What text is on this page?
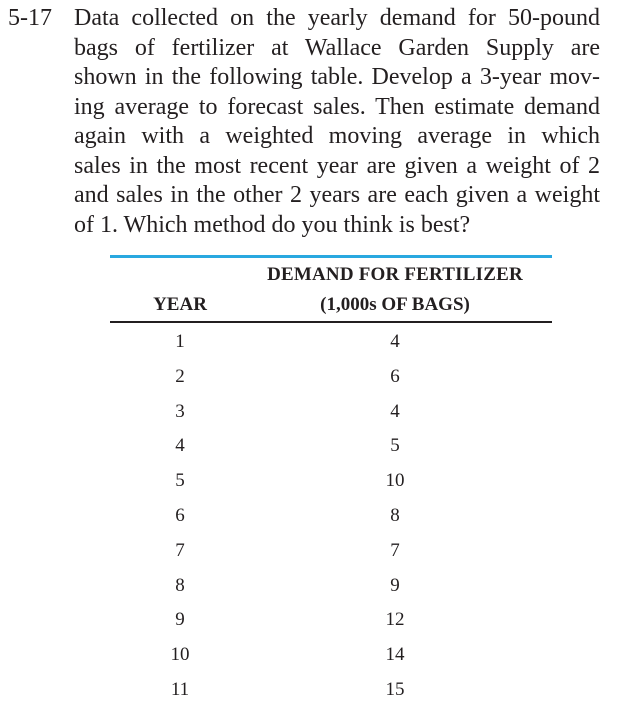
5-17 Data collected on the yearly demand for 50-pound
bags of fertilizer at Wallace Garden Supply are
shown in the following table. Develop a 3-year mov-
ing average to forecast sales. Then estimate demand
again with a weighted moving average in which
sales in the most recent year are given a weight of 2
and sales in the other 2 years are each given a weight
of 1. Which method do you think is best?
DEMAND FOR FERTILIZER
YEAR	(1,000s OF BAGS)
1	4
2	6
3	4
4	5
5	10
6	8
7	7
8	9
9	12
10	14
11	15
